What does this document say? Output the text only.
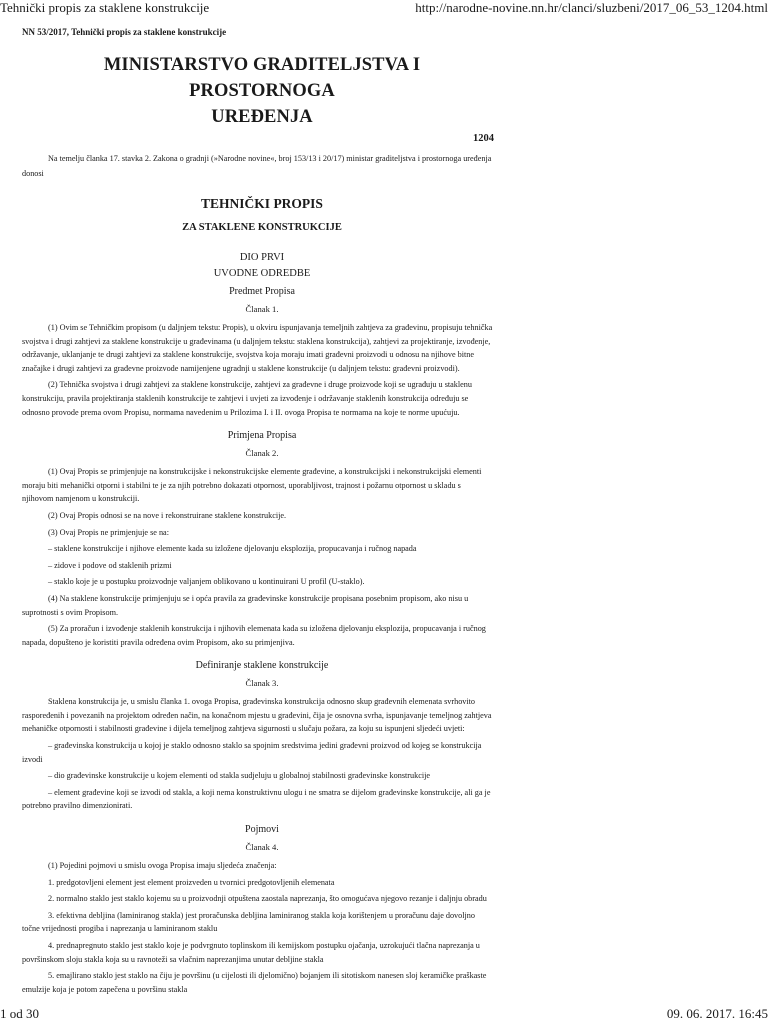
Tehnički propis za staklene konstrukcije	http://narodne-novine.nn.hr/clanci/sluzbeni/2017_06_53_1204.html

NN 53/2017, Tehnički propis za staklene konstrukcije

MINISTARSTVO GRADITELJSTVA I PROSTORNOGA
UREĐENJA

1204

Na temelju članka 17. stavka 2. Zakona o gradnji (»Narodne novine«, broj 153/13 i 20/17) ministar graditeljstva i prostornoga uređenja donosi

TEHNIČKI PROPIS

ZA STAKLENE KONSTRUKCIJE

DIO PRVI

UVODNE ODREDBE

Predmet Propisa

Članak 1.

(1) Ovim se Tehničkim propisom (u daljnjem tekstu: Propis), u okviru ispunjavanja temeljnih zahtjeva za građevinu, propisuju tehnička svojstva i drugi zahtjevi za staklene konstrukcije u građevinama (u daljnjem tekstu: staklena konstrukcija), zahtjevi za projektiranje, izvođenje, održavanje, uklanjanje te drugi zahtjevi za staklene konstrukcije, svojstva koja moraju imati građevni proizvodi u odnosu na njihove bitne značajke i drugi zahtjevi za građevne proizvode namijenjene ugradnji u staklene konstrukcije (u daljnjem tekstu: građevni proizvodi).

(2) Tehnička svojstva i drugi zahtjevi za staklene konstrukcije, zahtjevi za građevne i druge proizvode koji se ugrađuju u staklenu konstrukciju, pravila projektiranja staklenih konstrukcije te zahtjevi i uvjeti za izvođenje i održavanje staklenih konstrukcija određuju se odnosno provode prema ovom Propisu, normama navedenim u Prilozima I. i II. ovoga Propisa te normama na koje te norme upućuju.

Primjena Propisa

Članak 2.

(1) Ovaj Propis se primjenjuje na konstrukcijske i nekonstrukcijske elemente građevine, a konstrukcijski i nekonstrukcijski elementi moraju biti mehanički otporni i stabilni te je za njih potrebno dokazati otpornost, uporabljivost, trajnost i požarnu otpornost u skladu s njihovom namjenom u konstrukciji.

(2) Ovaj Propis odnosi se na nove i rekonstruirane staklene konstrukcije.

(3) Ovaj Propis ne primjenjuje se na:

– staklene konstrukcije i njihove elemente kada su izložene djelovanju eksplozija, propucavanja i ručnog napada

– zidove i podove od staklenih prizmi

– staklo koje je u postupku proizvodnje valjanjem oblikovano u kontinuirani U profil (U-staklo).

(4) Na staklene konstrukcije primjenjuju se i opća pravila za građevinske konstrukcije propisana posebnim propisom, ako nisu u suprotnosti s ovim Propisom.

(5) Za proračun i izvođenje staklenih konstrukcija i njihovih elemenata kada su izložena djelovanju eksplozija, propucavanja i ručnog napada, dopušteno je koristiti pravila određena ovim Propisom, ako su primjenjiva.

Definiranje staklene konstrukcije

Članak 3.

Staklena konstrukcija je, u smislu članka 1. ovoga Propisa, građevinska konstrukcija odnosno skup građevnih elemenata svrhovito raspoređenih i povezanih na projektom određen način, na konačnom mjestu u građevini, čija je osnovna svrha, ispunjavanje temeljnog zahtjeva mehaničke otpornosti i stabilnosti građevine i dijela temeljnog zahtjeva sigurnosti u slučaju požara, za koju su ispunjeni sljedeći uvjeti:

– građevinska konstrukcija u kojoj je staklo odnosno staklo sa spojnim sredstvima jedini građevni proizvod od kojeg se konstrukcija izvodi

– dio građevinske konstrukcije u kojem elementi od stakla sudjeluju u globalnoj stabilnosti građevinske konstrukcije

– element građevine koji se izvodi od stakla, a koji nema konstruktivnu ulogu i ne smatra se dijelom građevinske konstrukcije, ali ga je potrebno pravilno dimenzionirati.

Pojmovi

Članak 4.

(1) Pojedini pojmovi u smislu ovoga Propisa imaju sljedeća značenja:

1. predgotovljeni element jest element proizveden u tvornici predgotovljenih elemenata

2. normalno staklo jest staklo kojemu su u proizvodnji otpuštena zaostala naprezanja, što omogućava njegovo rezanje i daljnju obradu

3. efektivna debljina (laminiranog stakla) jest proračunska debljina laminiranog stakla koja korištenjem u proračunu daje dovoljno točne vrijednosti progiba i naprezanja u laminiranom staklu

4. prednapregnuto staklo jest staklo koje je podvrgnuto toplinskom ili kemijskom postupku ojačanja, uzrokujući tlačna naprezanja u površinskom sloju stakla koja su u ravnoteži sa vlačnim naprezanjima unutar debljine stakla

5. emajlirano staklo jest staklo na čiju je površinu (u cijelosti ili djelomično) bojanjem ili sitotiskom nanesen sloj keramičke praškaste emulzije koja je potom zapečena u površinu stakla

1 od 30	09. 06. 2017. 16:45
